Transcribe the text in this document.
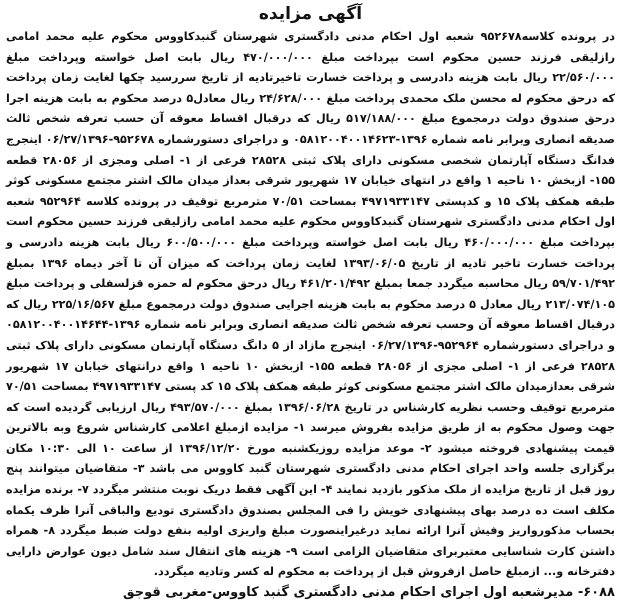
آگهی مزایده

در پرونده کلاسه۹۵۲۶۷۸ شعبه اول احکام مدنی دادگستری شهرستان گنبدکاووس محکوم علیه محمد امامی رازلیقی فرزند حسین محکوم است بپرداخت مبلغ ۴۷۰/۰۰۰/۰۰۰ ریال بابت اصل خواسته وپرداخت مبلغ ۲۲/۵۶۰/۰۰۰ ریال بابت هزینه دادرسی و پرداخت خسارت تاخیرتادیه از تاریخ سررسید چکها لغایت زمان پرداخت که درحق محکوم له محسن ملک محمدی پرداخت مبلغ ۲۴/۶۲۸/۰۰۰ ریال معادل۵ درصد محکوم به بابت هزینه اجرا درحق صندوق دولت درمجموع مبلغ ۵۱۷/۱۸۸/۰۰۰ ریال که درقبال اقساط معوقه آن حسب تعرفه شخص ثالث صدیقه انصاری وبرابر نامه شماره ۱۳۹۶-۰۵۸۱۲۰۰۴۰۰۱۴۶۲۳ و دراجرای دستورشماره ۹۵۲۶۷۸-۰۶/۲۷/۱۳۹۶ اینجرج فدانگ دستگاه آپارتمان شخصی مسکونی دارای پلاک ثبتی ۲۸۵۲۸ فرعی از ۱- اصلی ومجزی از ۲۸۰۵۶ قطعه ۱۵۵- ازبخش ۱۰ ناحیه ۱ واقع در انتهای خیابان ۱۷ شهریور شرقی بعداز میدان مالک اشتر مجتمع مسکونی کوثر طبقه همکف پلاک ۱۵ و کدپستی ۴۹۷۱۹۳۳۱۴۷ بمساحت ۷۰/۵۱ مترمربع توقیف در پرونده کلاسه ۹۵۲۹۶۴ شعبه اول احکام مدنی دادگستری شهرستان گنبدکاووس محکوم علیه محمد امامی رازلیقی فرزند حسین محکوم است بپرداخت مبلغ ۴۶۰/۰۰۰/۰۰۰ ریال بابت اصل خواسته وپرداخت مبلغ ۶۰۰/۵۰۰/۰۰۰ ریال بابت هزینه دادرسی و پرداخت خسارت تاخیر تادیه از تاریخ ۱۳۹۳/۰۶/۰۵ لغایت زمان پرداخت که میزان آن تا آخر دیماه ۱۳۹۶ بمبلغ ۵۹/۷۰۱/۴۹۲ ریال محاسبه میگردد جمعا بمبلغ ۴۶۱/۲۰۱/۴۹۲ ریال درحق محکوم له حمزه قزلسفلی و پرداخت مبلغ ۲۱۳/۰۷۴/۱۰۵ ریال معادل ۵ درصد محکوم به بابت هزینه اجرایی صندوق دولت درمجموع مبلغ ۲۲۵/۱۶/۵۶۷ ریال که درقبال اقساط معوقه آن وحسب تعرفه شخص ثالث صدیقه انصاری وبرابر نامه شماره ۱۳۹۶-۰۵۸۱۲۰۰۴۰۰۱۴۶۴۴ و دراجرای دستورشماره ۹۵۲۹۶۴-۰۶/۲۷/۱۳۹۶ اینجرج مازاد از ۵ دانگ دستگاه آپارتمان مسکونی دارای پلاک ثبتی ۲۸۵۲۸ فرعی از ۱- اصلی مجزی از ۲۸۰۵۶ قطعه ۱۵۵- ازبخش ۱۰ ناحیه ۱ واقع درانتهای خیابان ۱۷ شهریور شرقی بعدازمیدان مالک اشتر مجتمع مسکونی کوثر طبقه همکف پلاک ۱۵ کد پستی ۴۹۷۱۹۳۳۱۴۷ بمساحت ۷۰/۵۱ مترمربع توقیف وحسب نظریه کارشناس در تاریخ ۱۳۹۶/۰۶/۲۸ بمبلغ ۴۹۳/۵۷۰/۰۰۰ ریال ارزیابی گردیده است که جهت وصول محکوم به از طریق مزایده بفروش میرسد ۱- مزایده ازمبلغ اعلامی کارشناس شروع وبه بالاترین قیمت پیشنهادی فروخته میشود ۲- موعد مزایده روزیکشنبه مورخ ۱۳۹۶/۱۲/۲۰ از ساعت ۱۰ الی ۱۰:۳۰ مکان برگزاری جلسه واحد اجرای احکام مدنی دادگستری شهرستان گنبد کاووس می باشد ۳- متقاضیان میتوانند پنج روز قبل از تاریخ مزایده از ملک مذکور بازدید نمایند ۴- این آگهی فقط دریک نوبت منتشر میگردد ۷- برنده مزایده مکلف است ده درصد بهای پیشنهادی خویش را فی المجلس بصندوق دادگستری تودیع والباقی آنرا ظرف یکماه بحساب مذکورواریز وفیش آنرا ارائه نماید درغیراینصورت مبلغ واریزی اولیه بنفع دولت ضبط میگردد ۸- همراه داشتن کارت شناسایی معتبربرای متقاضیان الزامی است ۹- هزینه های انتقال سند شامل دیون عوارض دارایی دفترخانه و... ازمبلغ حاصل ازفروش قبل از پرداخت به محکوم له کسر وتادیه میگردد.

۶۰۸۸- مدیرشعبه اول اجرای احکام مدنی دادگستری گنبد کاووس-مغربی قوجق
